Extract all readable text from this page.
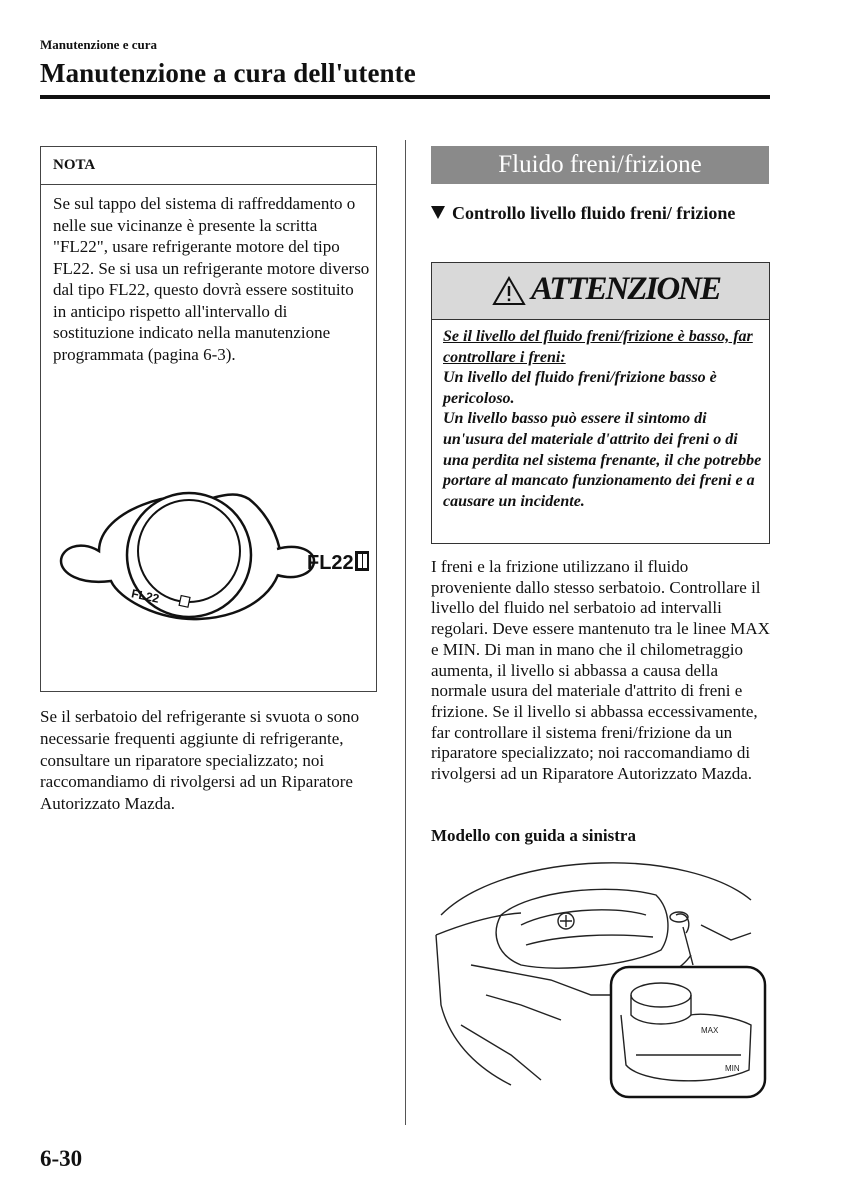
Manutenzione e cura
Manutenzione a cura dell'utente
NOTA
Se sul tappo del sistema di raffreddamento o nelle sue vicinanze è presente la scritta "FL22", usare refrigerante motore del tipo FL22. Se si usa un refrigerante motore diverso dal tipo FL22, questo dovrà essere sostituito in anticipo rispetto all'intervallo di sostituzione indicato nella manutenzione programmata (pagina 6-3).
FL22
FL22
Se il serbatoio del refrigerante si svuota o sono necessarie frequenti aggiunte di refrigerante, consultare un riparatore specializzato; noi raccomandiamo di rivolgersi ad un Riparatore Autorizzato Mazda.
Fluido freni/frizione
Controllo livello fluido freni/ frizione
ATTENZIONE
Se il livello del fluido freni/frizione è basso, far controllare i freni:
Un livello del fluido freni/frizione basso è pericoloso.
Un livello basso può essere il sintomo di un'usura del materiale d'attrito dei freni o di una perdita nel sistema frenante, il che potrebbe portare al mancato funzionamento dei freni e a causare un incidente.
I freni e la frizione utilizzano il fluido proveniente dallo stesso serbatoio. Controllare il livello del fluido nel serbatoio ad intervalli regolari. Deve essere mantenuto tra le linee MAX e MIN. Di man in mano che il chilometraggio aumenta, il livello si abbassa a causa della normale usura del materiale d'attrito di freni e frizione. Se il livello si abbassa eccessivamente, far controllare il sistema freni/frizione da un riparatore specializzato; noi raccomandiamo di rivolgersi ad un Riparatore Autorizzato Mazda.
Modello con guida a sinistra
MAX
MIN
6-30
